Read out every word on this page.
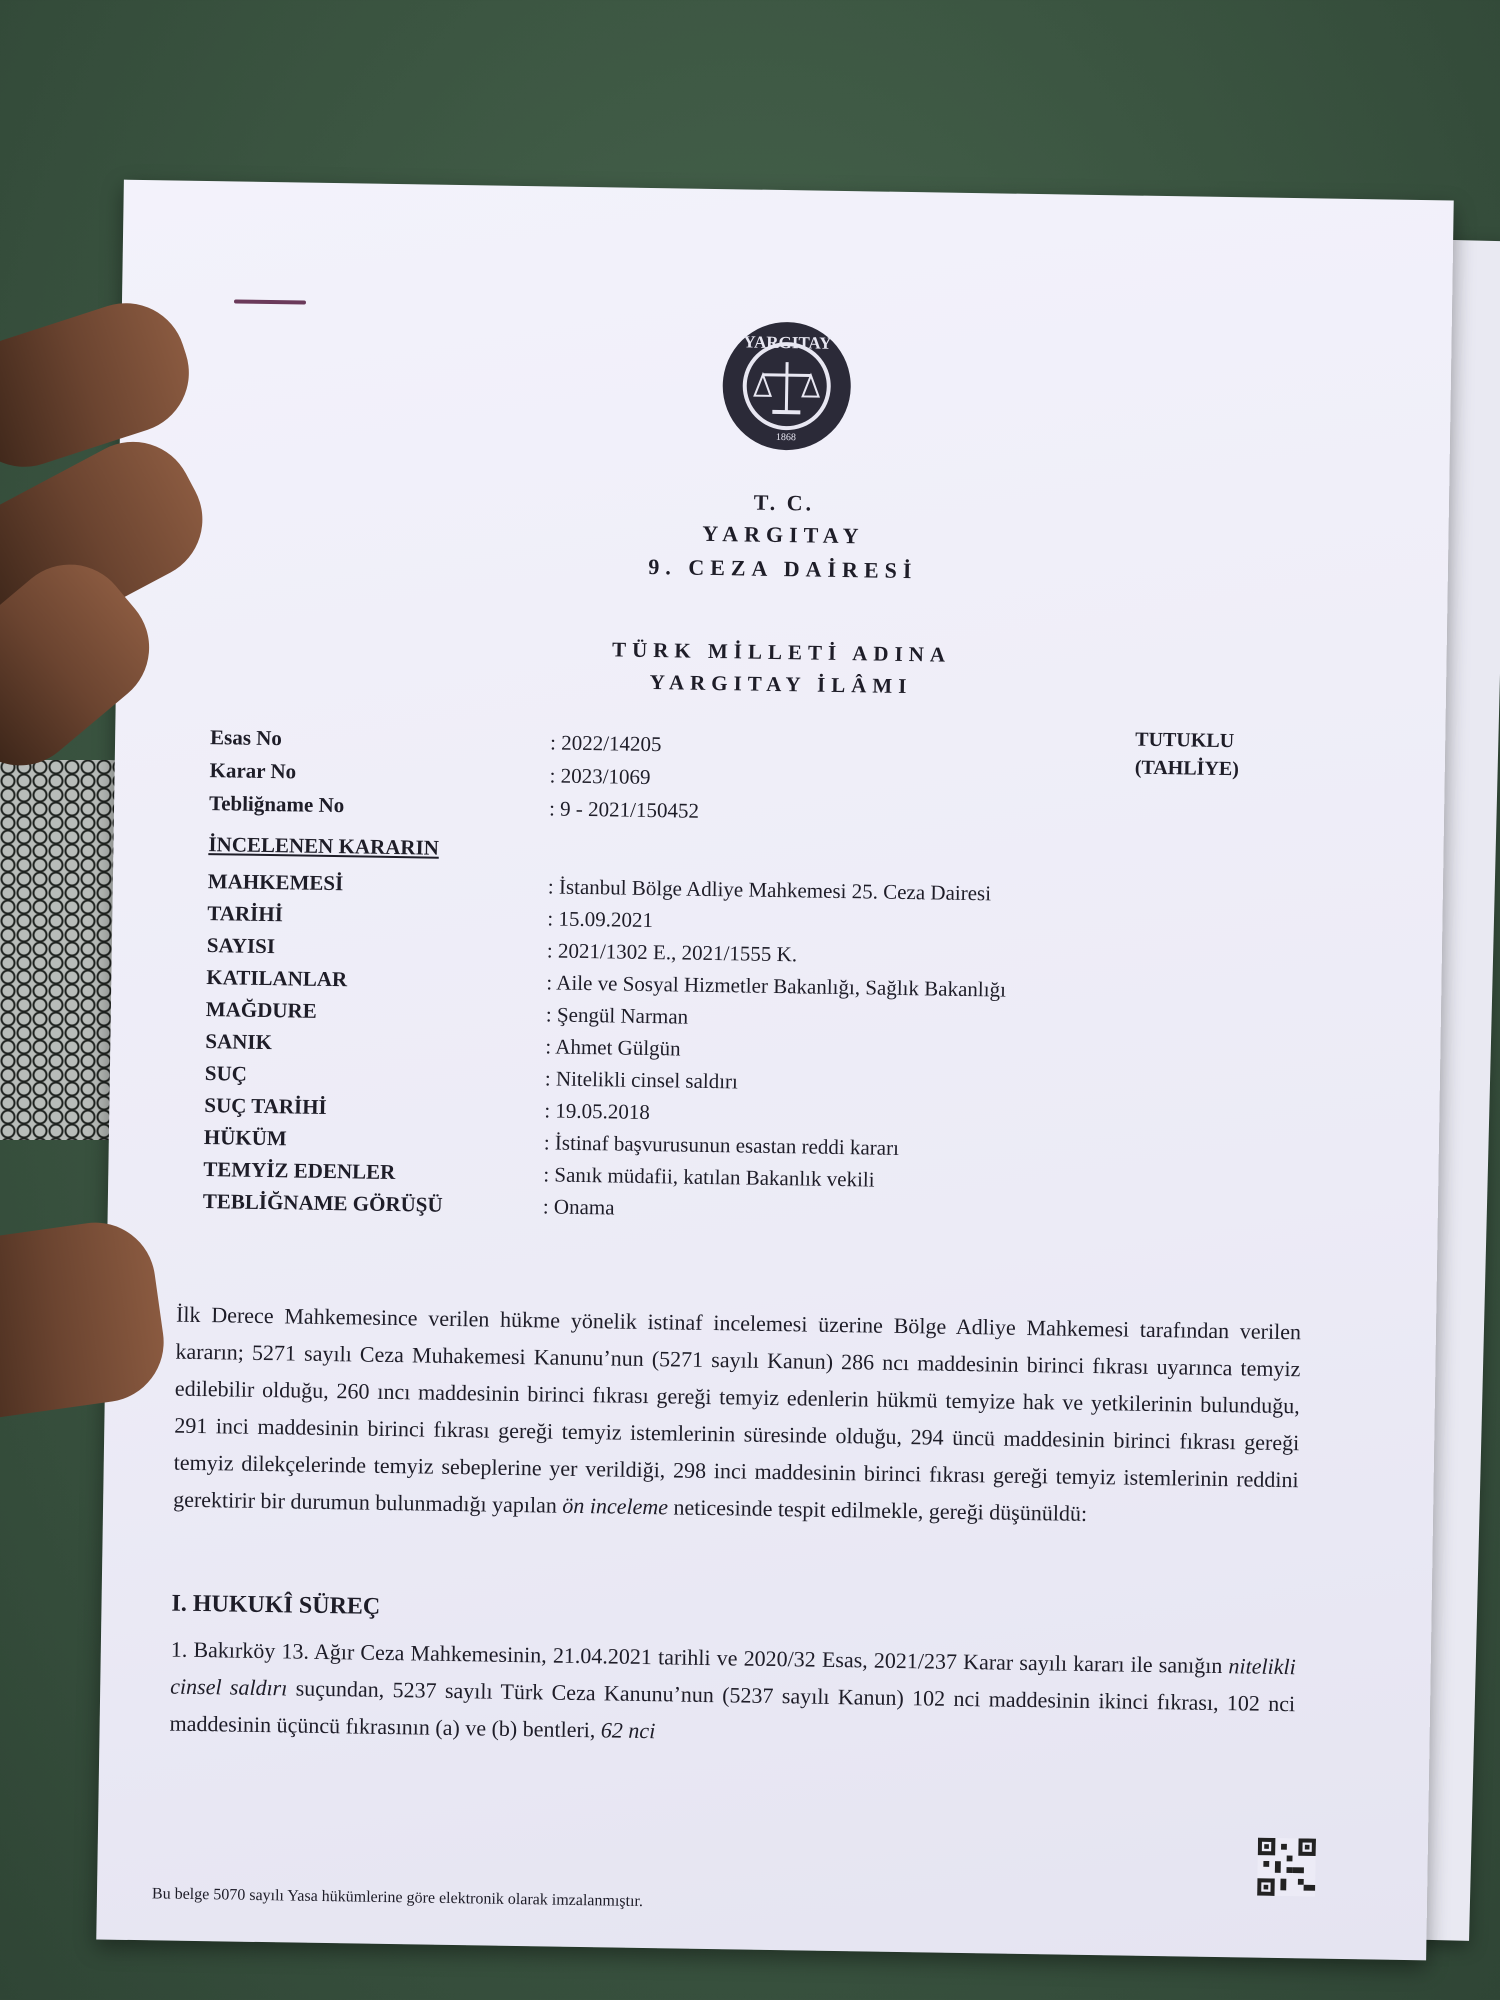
YARGITAY
1868
T. C.
YARGITAY
9. CEZA DAİRESİ
TÜRK MİLLETİ ADINA
YARGITAY İLÂMI
TUTUKLU
(TAHLİYE)
Esas No	: 2022/14205
Karar No	: 2023/1069
Tebliğname No	: 9 - 2021/150452
İNCELENEN KARARIN
MAHKEMESİ	: İstanbul Bölge Adliye Mahkemesi 25. Ceza Dairesi
TARİHİ	: 15.09.2021
SAYISI	: 2021/1302 E., 2021/1555 K.
KATILANLAR	: Aile ve Sosyal Hizmetler Bakanlığı, Sağlık Bakanlığı
MAĞDURE	: Şengül Narman
SANIK	: Ahmet Gülgün
SUÇ	: Nitelikli cinsel saldırı
SUÇ TARİHİ	: 19.05.2018
HÜKÜM	: İstinaf başvurusunun esastan reddi kararı
TEMYİZ EDENLER	: Sanık müdafii, katılan Bakanlık vekili
TEBLİĞNAME GÖRÜŞÜ	: Onama
İlk Derece Mahkemesince verilen hükme yönelik istinaf incelemesi üzerine Bölge Adliye Mahkemesi tarafından verilen kararın; 5271 sayılı Ceza Muhakemesi Kanunu’nun (5271 sayılı Kanun) 286 ncı maddesinin birinci fıkrası uyarınca temyiz edilebilir olduğu, 260 ıncı maddesinin birinci fıkrası gereği temyiz edenlerin hükmü temyize hak ve yetkilerinin bulunduğu, 291 inci maddesinin birinci fıkrası gereği temyiz istemlerinin süresinde olduğu, 294 üncü maddesinin birinci fıkrası gereği temyiz dilekçelerinde temyiz sebeplerine yer verildiği, 298 inci maddesinin birinci fıkrası gereği temyiz istemlerinin reddini gerektirir bir durumun bulunmadığı yapılan ön inceleme neticesinde tespit edilmekle, gereği düşünüldü:
I. HUKUKÎ SÜREÇ
1. Bakırköy 13. Ağır Ceza Mahkemesinin, 21.04.2021 tarihli ve 2020/32 Esas, 2021/237 Karar sayılı kararı ile sanığın nitelikli cinsel saldırı suçundan, 5237 sayılı Türk Ceza Kanunu’nun (5237 sayılı Kanun) 102 nci maddesinin ikinci fıkrası, 102 nci maddesinin üçüncü fıkrasının (a) ve (b) bentleri, 62 nci
Bu belge 5070 sayılı Yasa hükümlerine göre elektronik olarak imzalanmıştır.
